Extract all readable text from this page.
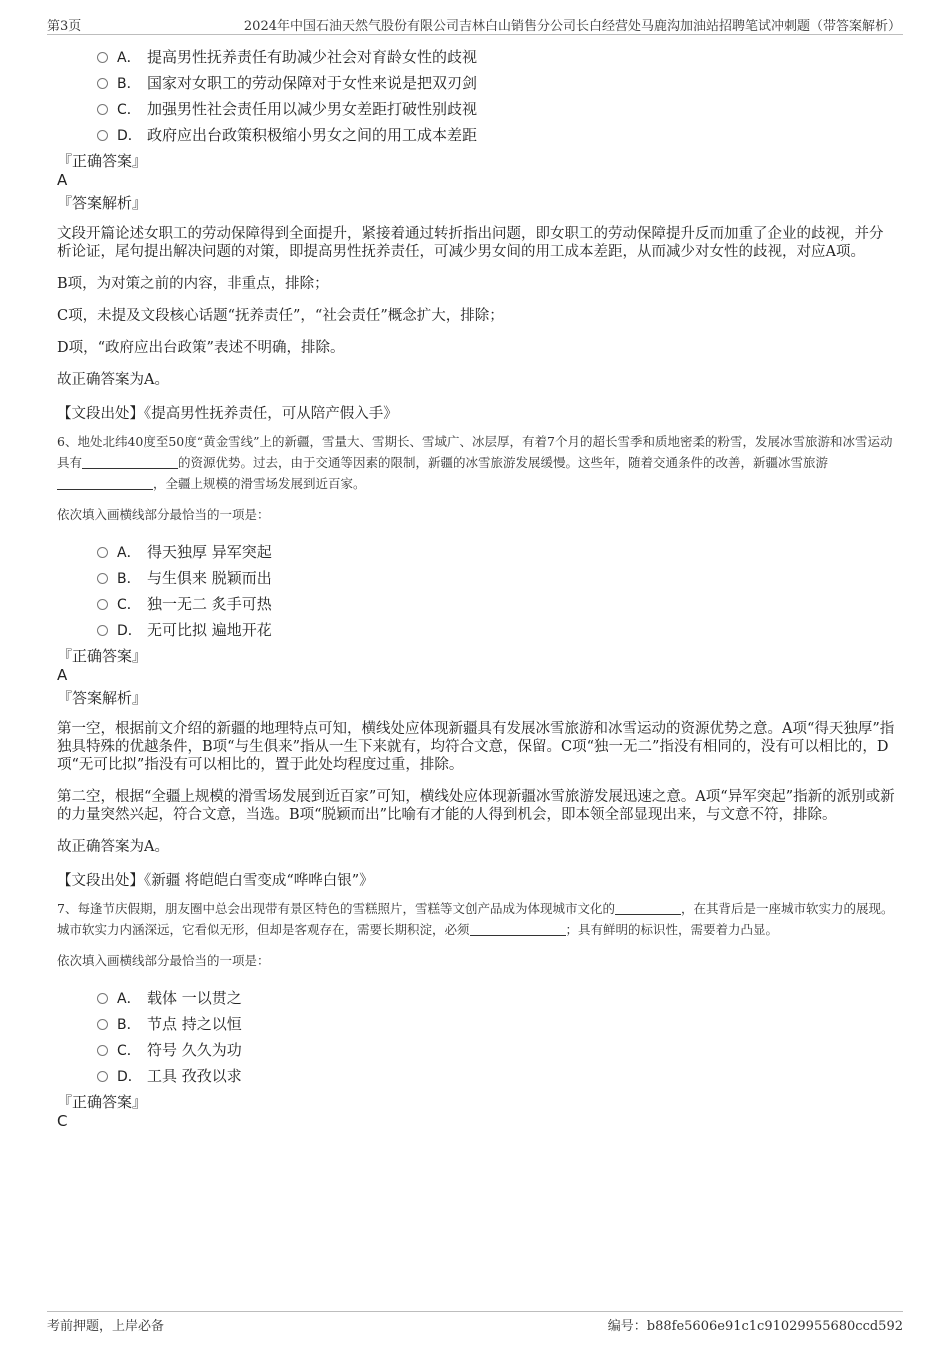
第3页	2024年中国石油天然气股份有限公司吉林白山销售分公司长白经营处马鹿沟加油站招聘笔试冲刺题（带答案解析）
A． 提高男性抚养责任有助减少社会对育龄女性的歧视
B． 国家对女职工的劳动保障对于女性来说是把双刃剑
C． 加强男性社会责任用以减少男女差距打破性别歧视
D． 政府应出台政策积极缩小男女之间的用工成本差距
『正确答案』
A
『答案解析』
文段开篇论述女职工的劳动保障得到全面提升，紧接着通过转折指出问题，即女职工的劳动保障提升反而加重了企业的歧视，并分析论证，尾句提出解决问题的对策，即提高男性抚养责任，可减少男女间的用工成本差距，从而减少对女性的歧视，对应A项。
B项，为对策之前的内容，非重点，排除；
C项，未提及文段核心话题“抚养责任”，“社会责任”概念扩大，排除；
D项，“政府应出台政策”表述不明确，排除。
故正确答案为A。
【文段出处】《提高男性抚养责任，可从陪产假入手》
6、地处北纬40度至50度“黄金雪线”上的新疆，雪量大、雪期长、雪域广、冰层厚，有着7个月的超长雪季和质地密柔的粉雪，发展冰雪旅游和冰雪运动具有	的资源优势。过去，由于交通等因素的限制，新疆的冰雪旅游发展缓慢。这些年，随着交通条件的改善，新疆冰雪旅游，全疆上规模的滑雪场发展到近百家。
依次填入画横线部分最恰当的一项是：
A． 得天独厚 异军突起
B． 与生俱来 脱颖而出
C． 独一无二 炙手可热
D． 无可比拟 遍地开花
『正确答案』
A
『答案解析』
第一空，根据前文介绍的新疆的地理特点可知，横线处应体现新疆具有发展冰雪旅游和冰雪运动的资源优势之意。A项“得天独厚”指独具特殊的优越条件，B项“与生俱来”指从一生下来就有，均符合文意，保留。C项“独一无二”指没有相同的，没有可以相比的，D项“无可比拟”指没有可以相比的，置于此处均程度过重，排除。
第二空，根据“全疆上规模的滑雪场发展到近百家”可知，横线处应体现新疆冰雪旅游发展迅速之意。A项“异军突起”指新的派别或新的力量突然兴起，符合文意，当选。B项“脱颖而出”比喻有才能的人得到机会，即本领全部显现出来，与文意不符，排除。
故正确答案为A。
【文段出处】《新疆 将皑皑白雪变成“哗哗白银”》
7、每逢节庆假期，朋友圈中总会出现带有景区特色的雪糕照片，雪糕等文创产品成为体现城市文化的	，在其背后是一座城市软实力的展现。城市软实力内涵深远，它看似无形，但却是客观存在，需要长期积淀，必须	；具有鲜明的标识性，需要着力凸显。
依次填入画横线部分最恰当的一项是：
A． 载体 一以贯之
B． 节点 持之以恒
C． 符号 久久为功
D． 工具 孜孜以求
『正确答案』
C
考前押题，上岸必备	编号：b88fe5606e91c1c91029955680ccd592
